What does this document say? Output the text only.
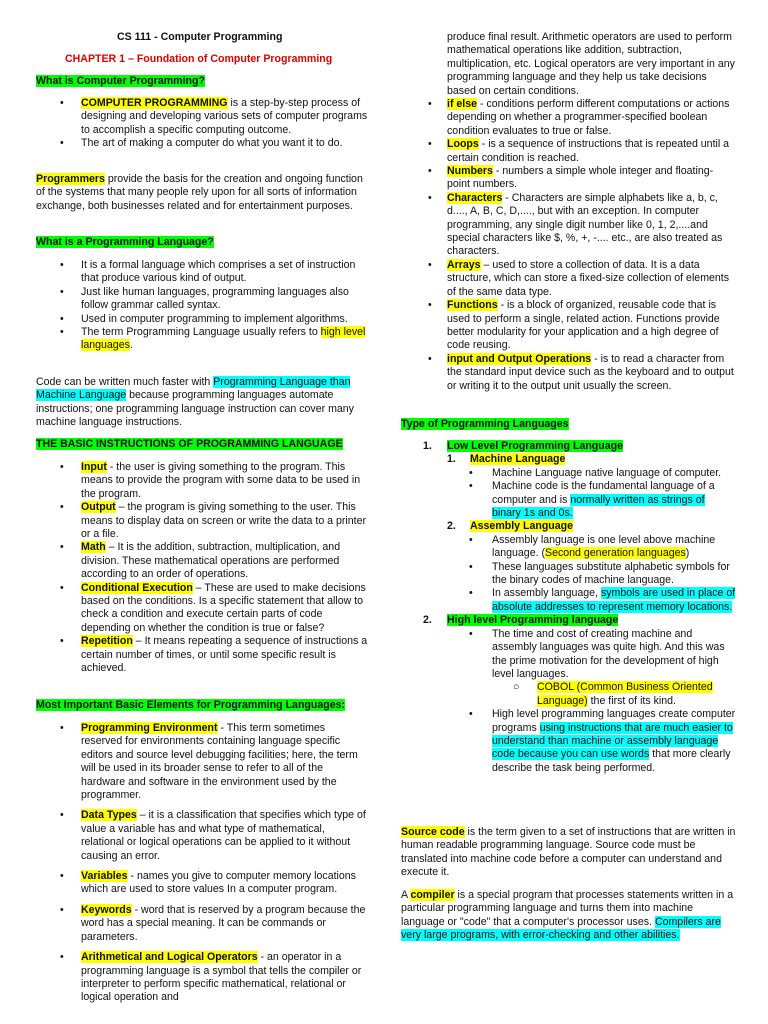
CS 111 - Computer Programming
CHAPTER 1 – Foundation of Computer Programming
What is Computer Programming?
• COMPUTER PROGRAMMING is a step-by-step process of designing and developing various sets of computer programs to accomplish a specific computing outcome.
• The art of making a computer do what you want it to do.

Programmers provide the basis for the creation and ongoing function of the systems that many people rely upon for all sorts of information exchange, both businesses related and for entertainment purposes.

What is a Programming Language?
• It is a formal language which comprises a set of instruction that produce various kind of output.
• Just like human languages, programming languages also follow grammar called syntax.
• Used in computer programming to implement algorithms.
• The term Programming Language usually refers to high level languages.

Code can be written much faster with Programming Language than Machine Language because programming languages automate instructions; one programming language instruction can cover many machine language instructions.

THE BASIC INSTRUCTIONS OF PROGRAMMING LANGUAGE
• Input - the user is giving something to the program. This means to provide the program with some data to be used in the program.
• Output – the program is giving something to the user. This means to display data on screen or write the data to a printer or a file.
• Math – It is the addition, subtraction, multiplication, and division. These mathematical operations are performed according to an order of operations.
• Conditional Execution – These are used to make decisions based on the conditions. Is a specific statement that allow to check a condition and execute certain parts of code depending on whether the condition is true or false?
• Repetition – It means repeating a sequence of instructions a certain number of times, or until some specific result is achieved.
Most Important Basic Elements for Programming Languages:
• Programming Environment - This term sometimes reserved for environments containing language specific editors and source level debugging facilities; here, the term will be used in its broader sense to refer to all of the hardware and software in the environment used by the programmer.
• Data Types – it is a classification that specifies which type of value a variable has and what type of mathematical, relational or logical operations can be applied to it without causing an error.
• Variables - names you give to computer memory locations which are used to store values In a computer program.
• Keywords - word that is reserved by a program because the word has a special meaning. It can be commands or parameters.
• Arithmetical and Logical Operators - an operator in a programming language is a symbol that tells the compiler or interpreter to perform specific mathematical, relational or logical operation and

produce final result. Arithmetic operators are used to perform mathematical operations like addition, subtraction, multiplication, etc. Logical operators are very important in any programming language and they help us take decisions based on certain conditions.

• if else - conditions perform different computations or actions depending on whether a programmer-specified boolean condition evaluates to true or false.
• Loops - is a sequence of instructions that is repeated until a certain condition is reached.
• Numbers - numbers a simple whole integer and floating-point numbers.
• Characters - Characters are simple alphabets like a, b, c, d...., A, B, C, D,...., but with an exception. In computer programming, any single digit number like 0, 1, 2,....and special characters like $, %, +, -.... etc., are also treated as characters.
• Arrays – used to store a collection of data. It is a data structure, which can store a fixed-size collection of elements of the same data type.
• Functions - is a block of organized, reusable code that is used to perform a single, related action. Functions provide better modularity for your application and a high degree of code reusing.
• input and Output Operations - is to read a character from the standard input device such as the keyboard and to output or writing it to the output unit usually the screen.
Type of Programming Languages
1. Low Level Programming Language
1. Machine Language
• Machine Language native language of computer.
• Machine code is the fundamental language of a computer and is normally written as strings of binary 1s and 0s.
2. Assembly Language
• Assembly language is one level above machine language. (Second generation languages)
• These languages substitute alphabetic symbols for the binary codes of machine language.
• In assembly language, symbols are used in place of absolute addresses to represent memory locations.
2. High level Programming language
• The time and cost of creating machine and assembly languages was quite high. And this was the prime motivation for the development of high level languages.
○ COBOL (Common Business Oriented Language) the first of its kind.
• High level programming languages create computer programs using instructions that are much easier to understand than machine or assembly language code because you can use words that more clearly describe the task being performed.

Source code is the term given to a set of instructions that are written in human readable programming language. Source code must be translated into machine code before a computer can understand and execute it.

A compiler is a special program that processes statements written in a particular programming language and turns them into machine language or "code" that a computer's processor uses. Compilers are very large programs, with error-checking and other abilities.
